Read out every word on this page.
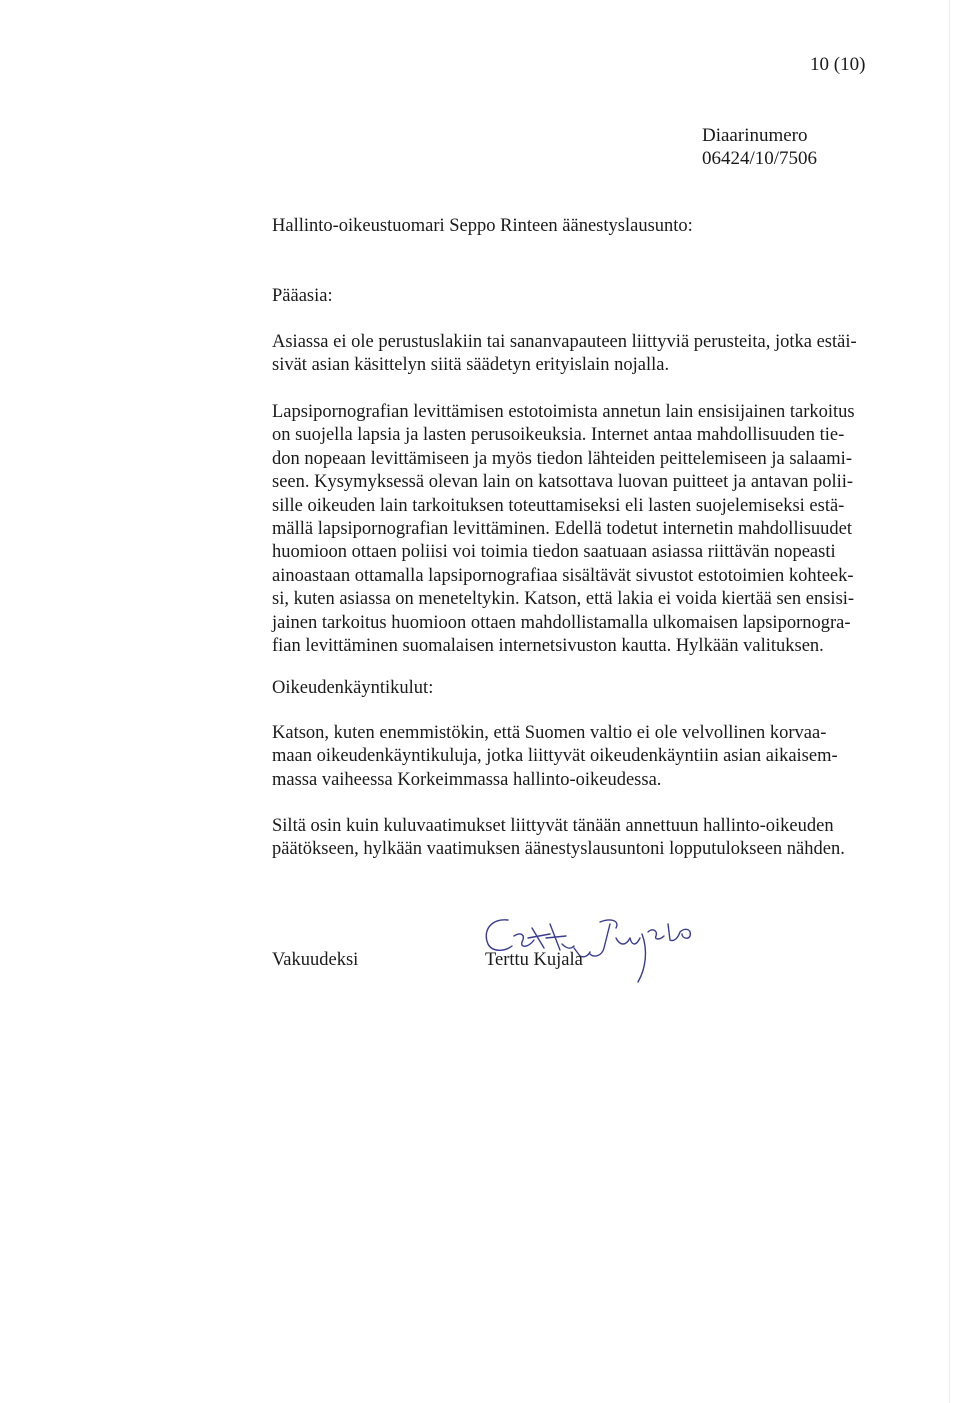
10 (10)
Diaarinumero
06424/10/7506
Hallinto-oikeustuomari Seppo Rinteen äänestyslausunto:
Pääasia:
Asiassa ei ole perustuslakiin tai sananvapauteen liittyviä perusteita, jotka estäi-
sivät asian käsittelyn siitä säädetyn erityislain nojalla.
Lapsipornografian levittämisen estotoimista annetun lain ensisijainen tarkoitus
on suojella lapsia ja lasten perusoikeuksia. Internet antaa mahdollisuuden tie-
don nopeaan levittämiseen ja myös tiedon lähteiden peittelemiseen ja salaami-
seen. Kysymyksessä olevan lain on katsottava luovan puitteet ja antavan polii-
sille oikeuden lain tarkoituksen toteuttamiseksi eli lasten suojelemiseksi estä-
mällä lapsipornografian levittäminen. Edellä todetut internetin mahdollisuudet
huomioon ottaen poliisi voi toimia tiedon saatuaan asiassa riittävän nopeasti
ainoastaan ottamalla lapsipornografiaa sisältävät sivustot estotoimien kohteek-
si, kuten asiassa on meneteltykin. Katson, että lakia ei voida kiertää sen ensisi-
jainen tarkoitus huomioon ottaen mahdollistamalla ulkomaisen lapsipornogra-
fian levittäminen suomalaisen internetsivuston kautta. Hylkään valituksen.
Oikeudenkäyntikulut:
Katson, kuten enemmistökin, että Suomen valtio ei ole velvollinen korvaa-
maan oikeudenkäyntikuluja, jotka liittyvät oikeudenkäyntiin asian aikaisem-
massa vaiheessa Korkeimmassa hallinto-oikeudessa.
Siltä osin kuin kuluvaatimukset liittyvät tänään annettuun hallinto-oikeuden
päätökseen, hylkään vaatimuksen äänestyslausuntoni lopputulokseen nähden.
Vakuudeksi	Terttu Kujala
